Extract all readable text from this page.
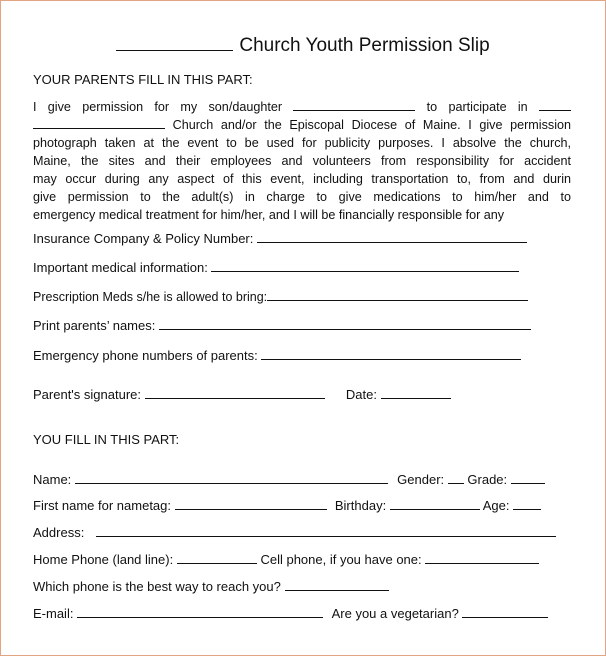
Church Youth Permission Slip
YOUR PARENTS FILL IN THIS PART:
I give permission for my son/daughter	to participate in
Church and/or the Episcopal Diocese of Maine. I give permission
photograph taken at the event to be used for publicity purposes. I absolve the church,
Maine, the sites and their employees and volunteers from responsibility for accident
may occur during any aspect of this event, including transportation to, from and durin
give permission to the adult(s) in charge to give medications to him/her and to
emergency medical treatment for him/her, and I will be financially responsible for any
Insurance Company & Policy Number:
Important medical information:
Prescription Meds s/he is allowed to bring:
Print parents’ names:
Emergency phone numbers of parents:
Parent's signature:	Date:
YOU FILL IN THIS PART:
Name:	Gender: Grade:
First name for nametag:	Birthday:	Age:
Address:
Home Phone (land line):	Cell phone, if you have one:
Which phone is the best way to reach you?
E-mail:	Are you a vegetarian?
